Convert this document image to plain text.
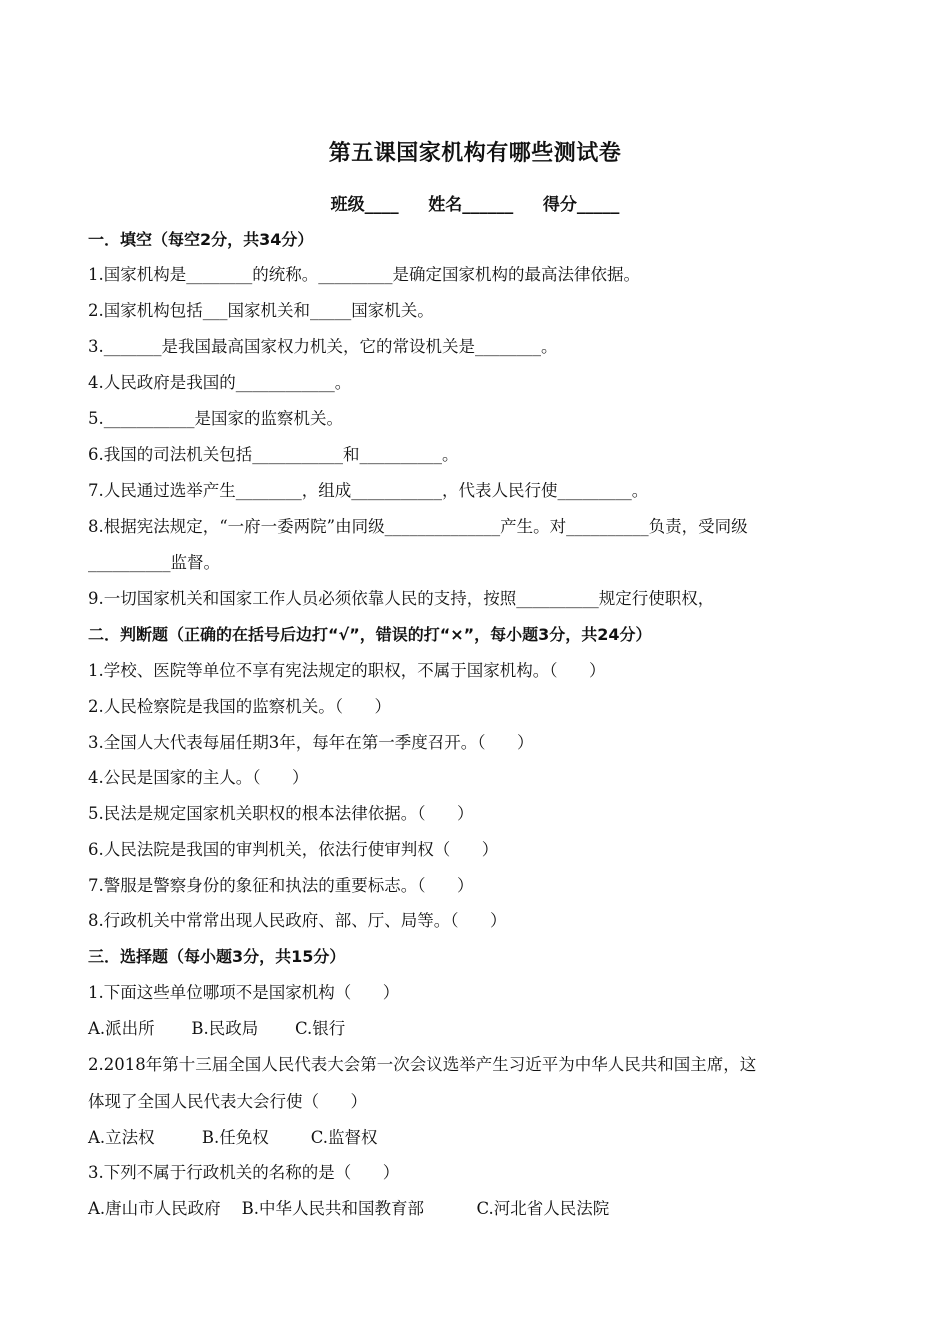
第五课国家机构有哪些测试卷
班级____     姓名______     得分_____
一．填空（每空2分，共34分）
1.国家机构是________的统称。_________是确定国家机构的最高法律依据。
2.国家机构包括___国家机关和_____国家机关。
3._______是我国最高国家权力机关，它的常设机关是________。
4.人民政府是我国的____________。
5.___________是国家的监察机关。
6.我国的司法机关包括___________和__________。
7.人民通过选举产生________，组成___________，代表人民行使_________。
8.根据宪法规定，“一府一委两院”由同级______________产生。对__________负责，受同级
__________监督。
9.一切国家机关和国家工作人员必须依靠人民的支持，按照__________规定行使职权，
二．判断题（正确的在括号后边打“√”，错误的打“×”，每小题3分，共24分）
1.学校、医院等单位不享有宪法规定的职权，不属于国家机构。（      ）
2.人民检察院是我国的监察机关。（      ）
3.全国人大代表每届任期3年，每年在第一季度召开。（      ）
4.公民是国家的主人。（      ）
5.民法是规定国家机关职权的根本法律依据。（      ）
6.人民法院是我国的审判机关，依法行使审判权（      ）
7.警服是警察身份的象征和执法的重要标志。（      ）
8.行政机关中常常出现人民政府、部、厅、局等。（      ）
三．选择题（每小题3分，共15分）
1.下面这些单位哪项不是国家机构（      ）
A.派出所       B.民政局       C.银行
2.2018年第十三届全国人民代表大会第一次会议选举产生习近平为中华人民共和国主席，这
体现了全国人民代表大会行使（      ）
A.立法权         B.任免权        C.监督权
3.下列不属于行政机关的名称的是（      ）
A.唐山市人民政府    B.中华人民共和国教育部          C.河北省人民法院
